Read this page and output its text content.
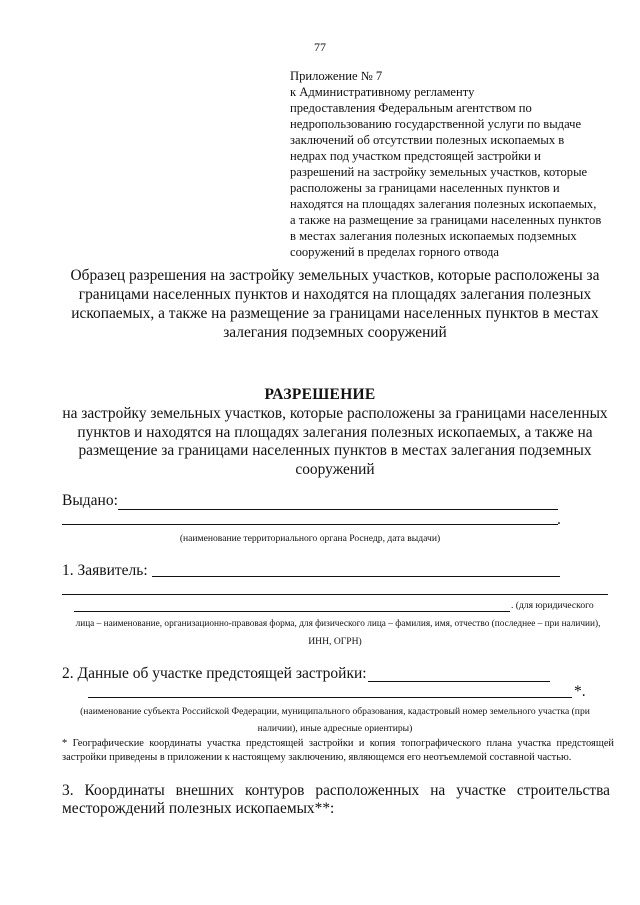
77
Приложение № 7
к Административному регламенту
предоставления Федеральным агентством по
недропользованию государственной услуги по выдаче
заключений об отсутствии полезных ископаемых в
недрах под участком предстоящей застройки и
разрешений на застройку земельных участков, которые
расположены за границами населенных пунктов и
находятся на площадях залегания полезных ископаемых,
а также на размещение за границами населенных пунктов
в местах залегания полезных ископаемых подземных
сооружений в пределах горного отвода
Образец разрешения на застройку земельных участков, которые расположены за
границами населенных пунктов и находятся на площадях залегания полезных
ископаемых, а также на размещение за границами населенных пунктов в местах
залегания подземных сооружений
РАЗРЕШЕНИЕ
на застройку земельных участков, которые расположены за границами населенных
пунктов и находятся на площадях залегания полезных ископаемых, а также на
размещение за границами населенных пунктов в местах залегания подземных
сооружений
Выдано:
.
(наименование территориального органа Роснедр, дата выдачи)
1. Заявитель:
. (для юридического
лица – наименование, организационно-правовая форма, для физического лица – фамилия, имя, отчество (последнее – при наличии),
ИНН, ОГРН)
2. Данные об участке предстоящей застройки:
*.
(наименование субъекта Российской Федерации, муниципального образования, кадастровый номер земельного участка (при
наличии), иные адресные ориентиры)
* Географические координаты участка предстоящей застройки и копия топографического плана участка предстоящей застройки приведены в приложении к настоящему заключению, являющемся его неотъемлемой составной частью.
3. Координаты внешних контуров расположенных на участке строительства
месторождений полезных ископаемых**:
